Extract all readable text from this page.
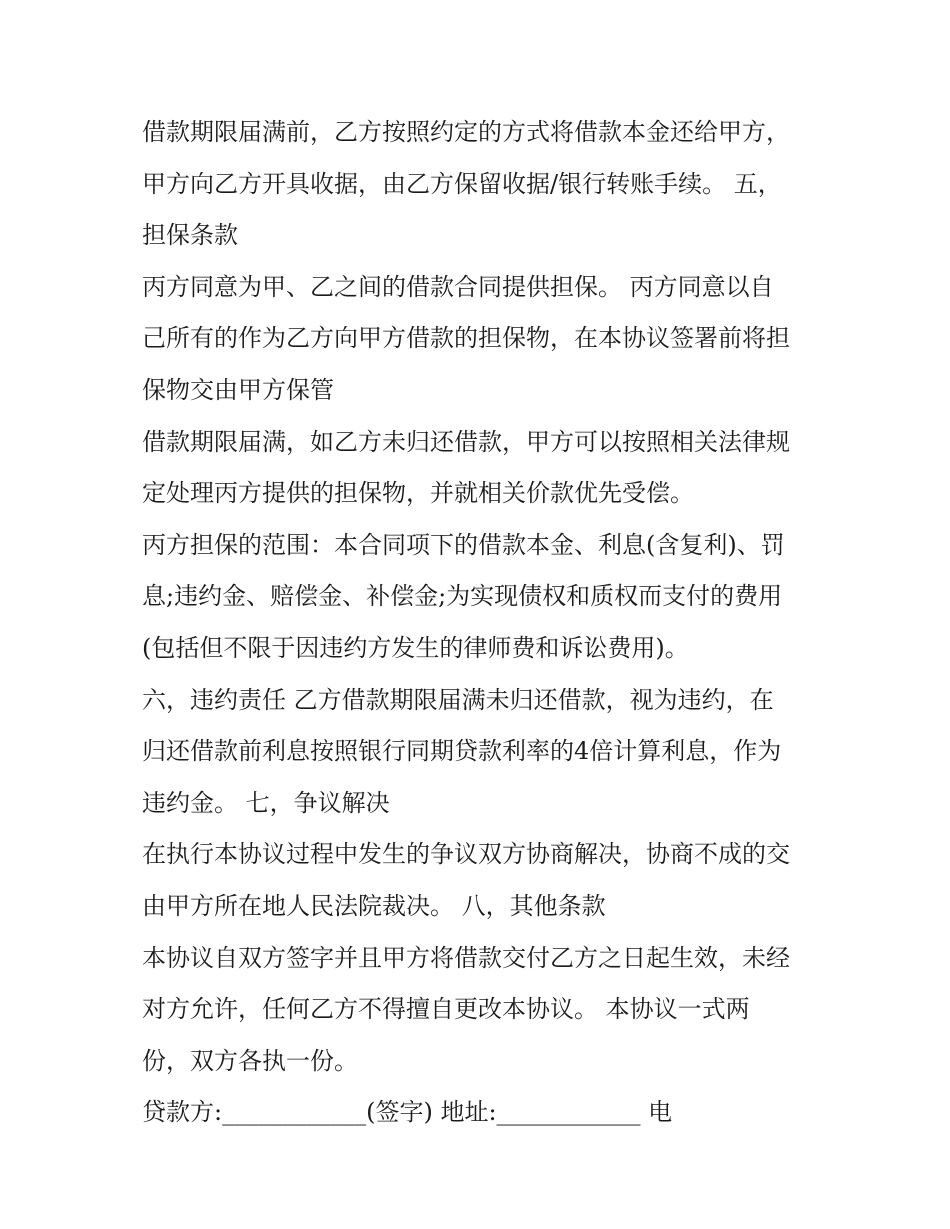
借款期限届满前，乙方按照约定的方式将借款本金还给甲方，
甲方向乙方开具收据，由乙方保留收据/银行转账手续。 五，
担保条款
丙方同意为甲、乙之间的借款合同提供担保。 丙方同意以自
己所有的作为乙方向甲方借款的担保物，在本协议签署前将担
保物交由甲方保管
借款期限届满，如乙方未归还借款，甲方可以按照相关法律规
定处理丙方提供的担保物，并就相关价款优先受偿。
丙方担保的范围：本合同项下的借款本金、利息(含复利)、罚
息;违约金、赔偿金、补偿金;为实现债权和质权而支付的费用
(包括但不限于因违约方发生的律师费和诉讼费用)。
六，违约责任 乙方借款期限届满未归还借款，视为违约，在
归还借款前利息按照银行同期贷款利率的4倍计算利息，作为
违约金。 七，争议解决
在执行本协议过程中发生的争议双方协商解决，协商不成的交
由甲方所在地人民法院裁决。 八，其他条款
本协议自双方签字并且甲方将借款交付乙方之日起生效，未经
对方允许，任何乙方不得擅自更改本协议。 本协议一式两
份，双方各执一份。
贷款方:____________(签字) 地址:____________ 电
